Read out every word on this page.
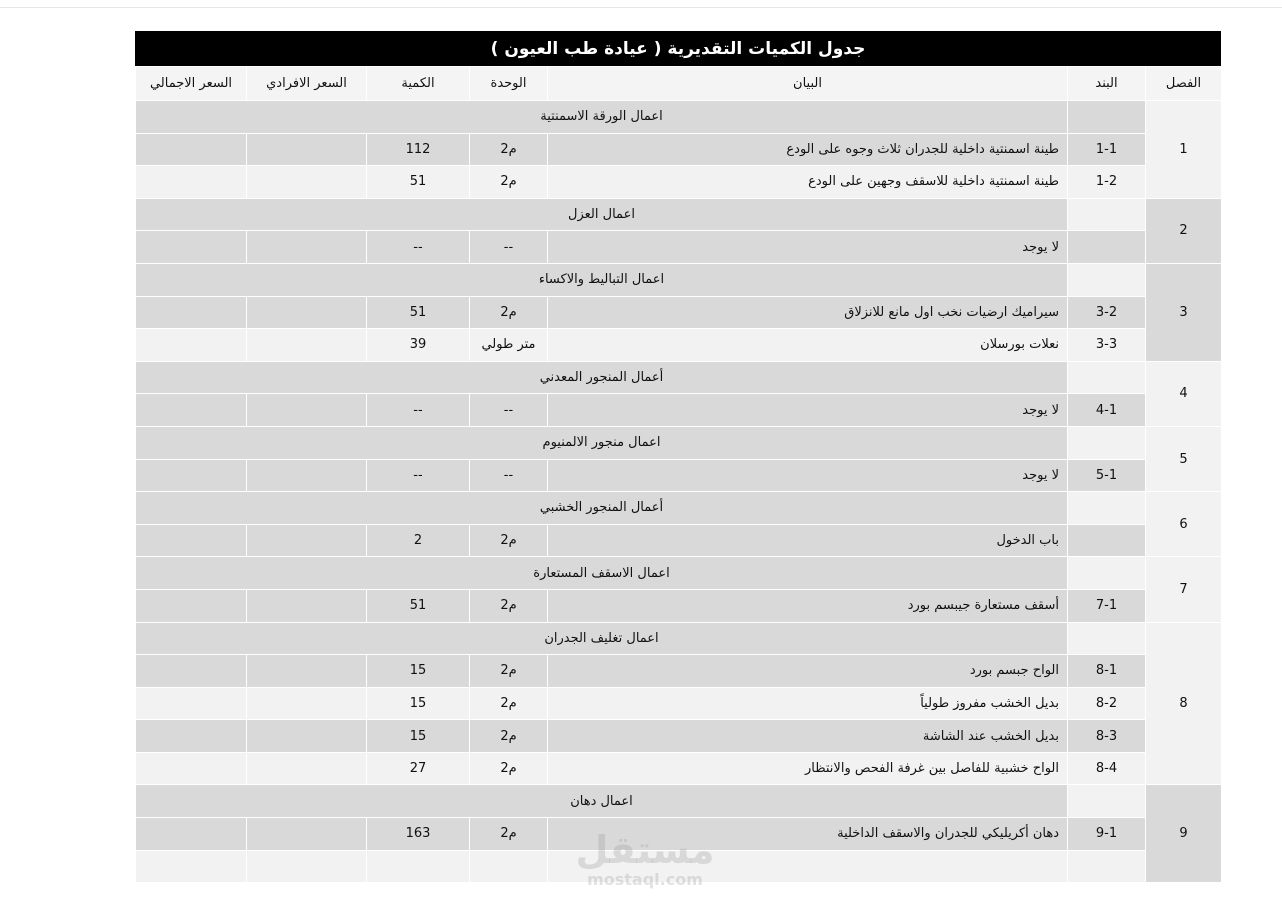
جدول الكميات التقديرية ( عيادة طب العيون )
الفصل	البند	البيان	الوحدة	الكمية	السعر الافرادي	السعر الاجمالي
1		اعمال الورقة الاسمنتية				
	1-1	طينة اسمنتية داخلية للجدران ثلاث وجوه على الودع	م2	112		
	1-2	طينة اسمنتية داخلية للاسقف وجهين على الودع	م2	51		
2		اعمال العزل				
		لا يوجد	--	--		
3		اعمال التباليط والاكساء				
	3-2	سيراميك ارضيات نخب اول مانع للانزلاق	م2	51		
	3-3	نعلات بورسلان	متر طولي	39		
4		أعمال المنجور المعدني				
	4-1	لا يوجد	--	--		
5		اعمال منجور الالمنيوم				
	5-1	لا يوجد	--	--		
6		أعمال المنجور الخشبي				
		باب الدخول	م2	2		
7		اعمال الاسقف المستعارة				
	7-1	أسقف مستعارة جيبسم بورد	م2	51		
8		اعمال تغليف الجدران				
	8-1	الواح جبسم بورد	م2	15		
	8-2	بديل الخشب مفروز طولياً	م2	15		
	8-3	بديل الخشب عند الشاشة	م2	15		
	8-4	الواح خشبية للفاصل بين غرفة الفحص والانتظار	م2	27		
9		اعمال دهان				
	9-1	دهان أكريليكي للجدران والاسقف الداخلية	م2	163		
						مستقل
mostaql.com
